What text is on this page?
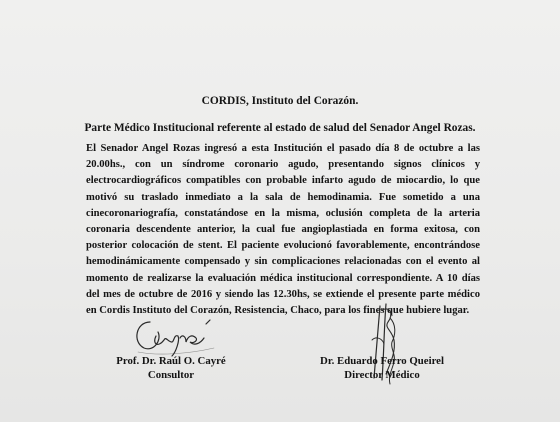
CORDIS, Instituto del Corazón.

Parte Médico Institucional referente al estado de salud del Senador Angel Rozas.

El Senador Angel Rozas ingresó a esta Institución el pasado día 8 de octubre a las
20.00hs., con un síndrome coronario agudo, presentando signos clínicos y
electrocardiográficos compatibles con probable infarto agudo de miocardio, lo que
motivó su traslado inmediato a la sala de hemodinamia. Fue sometido a una
cinecoronariografía, constatándose en la misma, oclusión completa de la arteria
coronaria descendente anterior, la cual fue angioplastiada en forma exitosa, con
posterior colocación de stent. El paciente evolucionó favorablemente, encontrándose
hemodinámicamente compensado y sin complicaciones relacionadas con el evento al
momento de realizarse la evaluación médica institucional correspondiente. A 10 días
del mes de octubre de 2016 y siendo las 12.30hs, se extiende el presente parte médico
en Cordis Instituto del Corazón, Resistencia, Chaco, para los fines que hubiere lugar.
Prof. Dr. Raúl O. Cayré
Consultor
Dr. Eduardo Ferro Queirel
Director Médico
